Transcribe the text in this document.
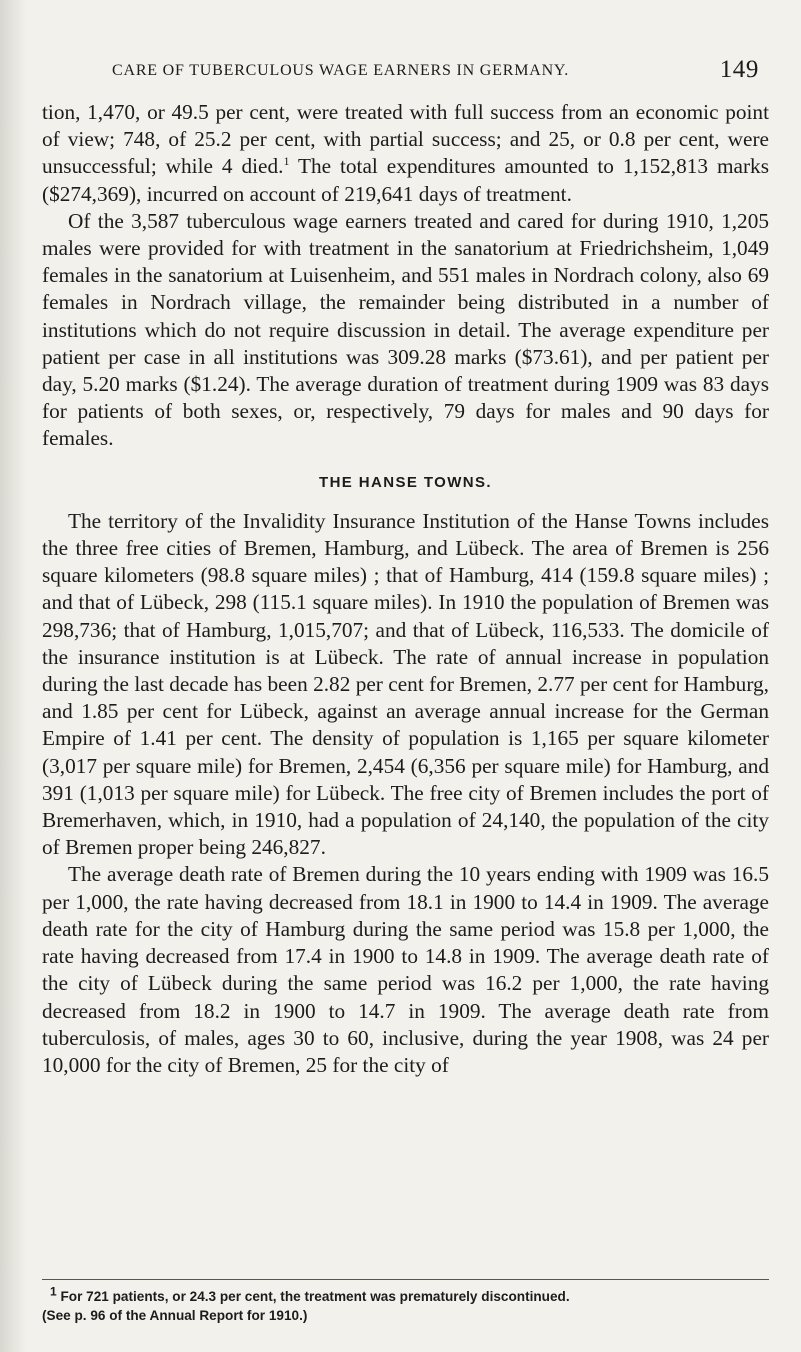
CARE OF TUBERCULOUS WAGE EARNERS IN GERMANY.	149

tion, 1,470, or 49.5 per cent, were treated with full success from an economic point of view; 748, of 25.2 per cent, with partial success; and 25, or 0.8 per cent, were unsuccessful; while 4 died.$^1$ The total expenditures amounted to 1,152,813 marks ($274,369), incurred on account of 219,641 days of treatment.

Of the 3,587 tuberculous wage earners treated and cared for during 1910, 1,205 males were provided for with treatment in the sanatorium at Friedrichsheim, 1,049 females in the sanatorium at Luisenheim, and 551 males in Nordrach colony, also 69 females in Nordrach village, the remainder being distributed in a number of institutions which do not require discussion in detail. The average expenditure per patient per case in all institutions was 309.28 marks ($73.61), and per patient per day, 5.20 marks ($1.24). The average duration of treatment during 1909 was 83 days for patients of both sexes, or, respectively, 79 days for males and 90 days for females.

THE HANSE TOWNS.

The territory of the Invalidity Insurance Institution of the Hanse Towns includes the three free cities of Bremen, Hamburg, and Lübeck. The area of Bremen is 256 square kilometers (98.8 square miles) ; that of Hamburg, 414 (159.8 square miles) ; and that of Lübeck, 298 (115.1 square miles). In 1910 the population of Bremen was 298,736; that of Hamburg, 1,015,707; and that of Lübeck, 116,533. The domicile of the insurance institution is at Lübeck. The rate of annual increase in population during the last decade has been 2.82 per cent for Bremen, 2.77 per cent for Hamburg, and 1.85 per cent for Lübeck, against an average annual increase for the German Empire of 1.41 per cent. The density of population is 1,165 per square kilometer (3,017 per square mile) for Bremen, 2,454 (6,356 per square mile) for Hamburg, and 391 (1,013 per square mile) for Lübeck. The free city of Bremen includes the port of Bremerhaven, which, in 1910, had a population of 24,140, the population of the city of Bremen proper being 246,827.

The average death rate of Bremen during the 10 years ending with 1909 was 16.5 per 1,000, the rate having decreased from 18.1 in 1900 to 14.4 in 1909. The average death rate for the city of Hamburg during the same period was 15.8 per 1,000, the rate having decreased from 17.4 in 1900 to 14.8 in 1909. The average death rate of the city of Lübeck during the same period was 16.2 per 1,000, the rate having decreased from 18.2 in 1900 to 14.7 in 1909. The average death rate from tuberculosis, of males, ages 30 to 60, inclusive, during the year 1908, was 24 per 10,000 for the city of Bremen, 25 for the city of

$^1$ For 721 patients, or 24.3 per cent, the treatment was prematurely discontinued.

(See p. 96 of the Annual Report for 1910.)
